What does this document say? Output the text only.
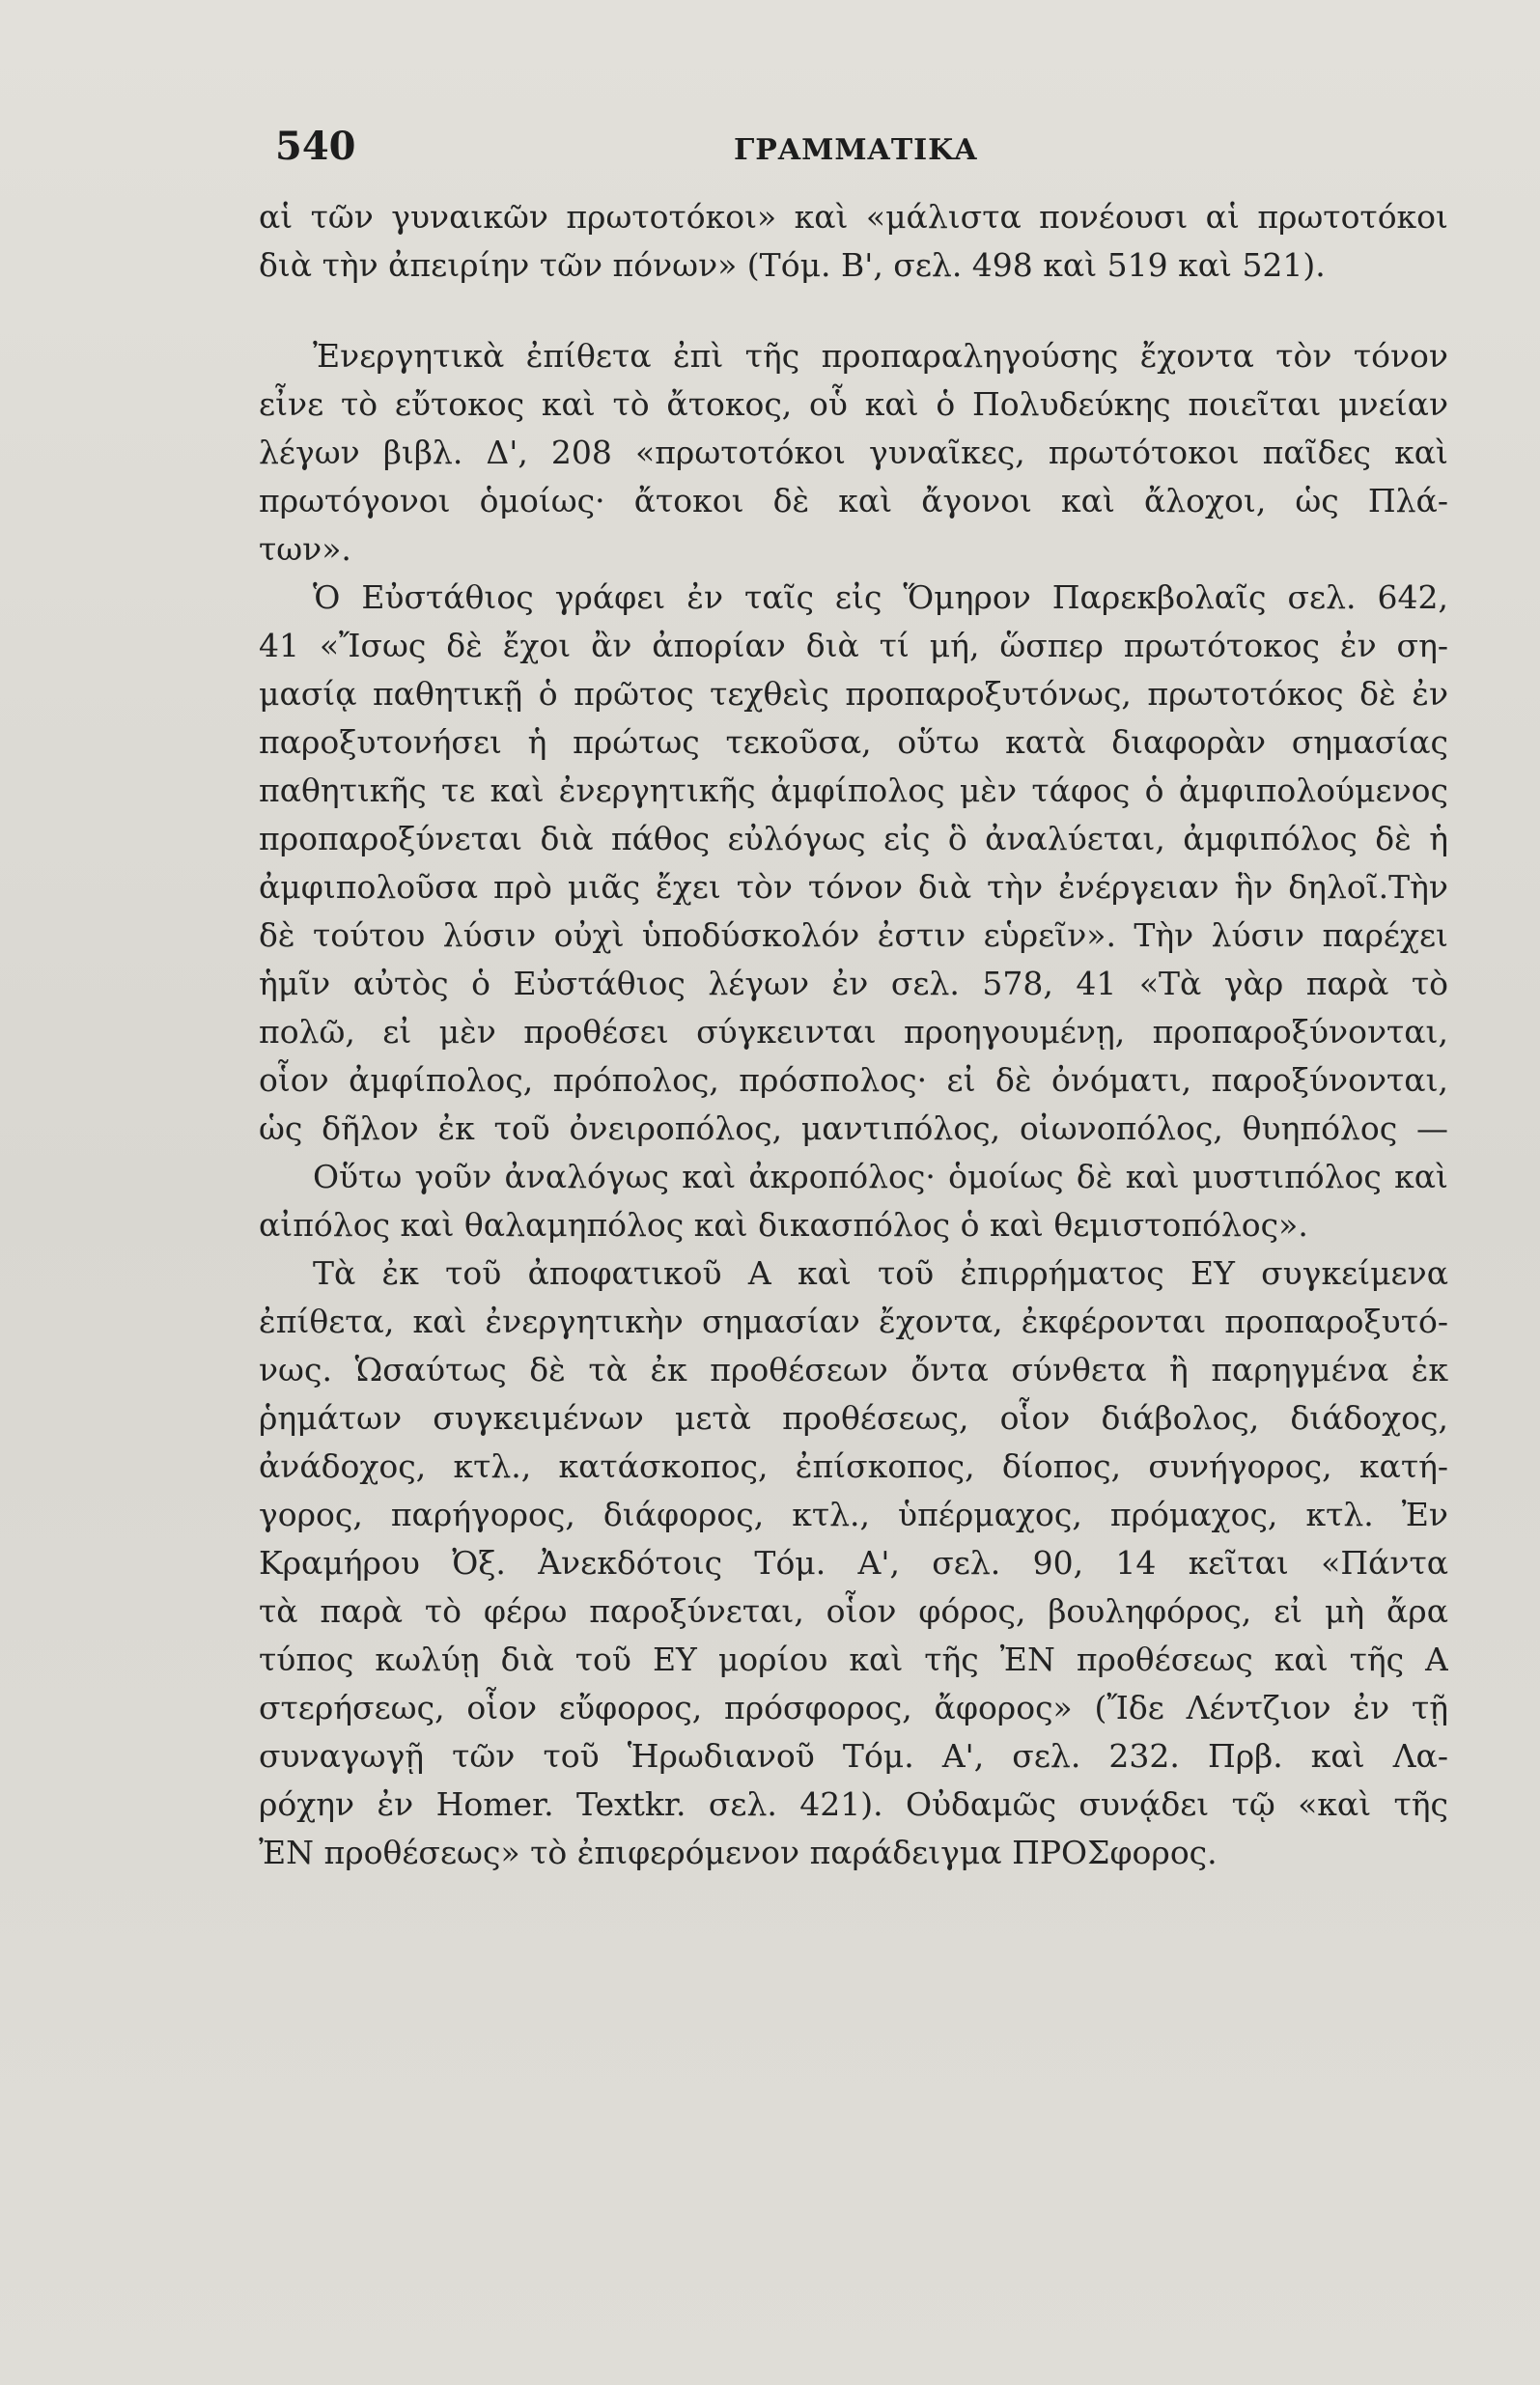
540	ΓΡΑΜΜΑΤΙΚΑ
αἱ τῶν γυναικῶν πρωτοτόκοι» καὶ «μάλιστα πονέουσι αἱ πρωτοτόκοι
διὰ τὴν ἀπειρίην τῶν πόνων» (Τόμ. Β', σελ. 498 καὶ 519 καὶ 521).
Ἐνεργητικὰ ἐπίθετα ἐπὶ τῆς προπαραληγούσης ἔχοντα τὸν τόνον
εἶνε τὸ εὔτοκος καὶ τὸ ἄτοκος, οὗ καὶ ὁ Πολυδεύκης ποιεῖται μνείαν
λέγων βιβλ. Δ', 208 «πρωτοτόκοι γυναῖκες, πρωτότοκοι παῖδες καὶ
πρωτόγονοι ὁμοίως· ἄτοκοι δὲ καὶ ἄγονοι καὶ ἄλοχοι, ὡς Πλά-
των».
Ὁ Εὐστάθιος γράφει ἐν ταῖς εἰς Ὅμηρον Παρεκβολαῖς σελ. 642,
41 «Ἴσως δὲ ἔχοι ἂν ἀπορίαν διὰ τί μή, ὥσπερ πρωτότοκος ἐν ση-
μασίᾳ παθητικῇ ὁ πρῶτος τεχθεὶς προπαροξυτόνως, πρωτοτόκος δὲ ἐν
παροξυτονήσει ἡ πρώτως τεκοῦσα, οὕτω κατὰ διαφορὰν σημασίας
παθητικῆς τε καὶ ἐνεργητικῆς ἀμφίπολος μὲν τάφος ὁ ἀμφιπολούμενος
προπαροξύνεται διὰ πάθος εὐλόγως εἰς ὃ ἀναλύεται, ἀμφιπόλος δὲ ἡ
ἀμφιπολοῦσα πρὸ μιᾶς ἔχει τὸν τόνον διὰ τὴν ἐνέργειαν ἣν δηλοῖ.Τὴν
δὲ τούτου λύσιν οὐχὶ ὑποδύσκολόν ἐστιν εὑρεῖν». Τὴν λύσιν παρέχει
ἡμῖν αὐτὸς ὁ Εὐστάθιος λέγων ἐν σελ. 578, 41 «Τὰ γὰρ παρὰ τὸ
πολῶ, εἰ μὲν προθέσει σύγκεινται προηγουμένῃ, προπαροξύνονται,
οἷον ἀμφίπολος, πρόπολος, πρόσπολος· εἰ δὲ ὀνόματι, παροξύνονται,
ὡς δῆλον ἐκ τοῦ ὀνειροπόλος, μαντιπόλος, οἰωνοπόλος, θυηπόλος —
Οὕτω γοῦν ἀναλόγως καὶ ἀκροπόλος· ὁμοίως δὲ καὶ μυστιπόλος καὶ
αἰπόλος καὶ θαλαμηπόλος καὶ δικασπόλος ὁ καὶ θεμιστοπόλος».
Τὰ ἐκ τοῦ ἀποφατικοῦ Α καὶ τοῦ ἐπιρρήματος ΕΥ συγκείμενα
ἐπίθετα, καὶ ἐνεργητικὴν σημασίαν ἔχοντα, ἐκφέρονται προπαροξυτό-
νως. Ὡσαύτως δὲ τὰ ἐκ προθέσεων ὄντα σύνθετα ἢ παρηγμένα ἐκ
ῥημάτων συγκειμένων μετὰ προθέσεως, οἷον διάβολος, διάδοχος,
ἀνάδοχος, κτλ., κατάσκοπος, ἐπίσκοπος, δίοπος, συνήγορος, κατή-
γορος, παρήγορος, διάφορος, κτλ., ὑπέρμαχος, πρόμαχος, κτλ. Ἐν
Κραμήρου Ὀξ. Ἀνεκδότοις Τόμ. Α', σελ. 90, 14 κεῖται «Πάντα
τὰ παρὰ τὸ φέρω παροξύνεται, οἷον φόρος, βουληφόρος, εἰ μὴ ἄρα
τύπος κωλύῃ διὰ τοῦ ΕΥ μορίου καὶ τῆς ἘΝ προθέσεως καὶ τῆς Α
στερήσεως, οἷον εὔφορος, πρόσφορος, ἄφορος» (Ἴδε Λέντζιον ἐν τῇ
συναγωγῇ τῶν τοῦ Ἡρωδιανοῦ Τόμ. Α', σελ. 232. Πρβ. καὶ Λα-
ρόχην ἐν Homer. Textkr. σελ. 421). Οὐδαμῶς συνᾴδει τῷ «καὶ τῆς
ἘΝ προθέσεως» τὸ ἐπιφερόμενον παράδειγμα ΠΡΟΣφορος.
